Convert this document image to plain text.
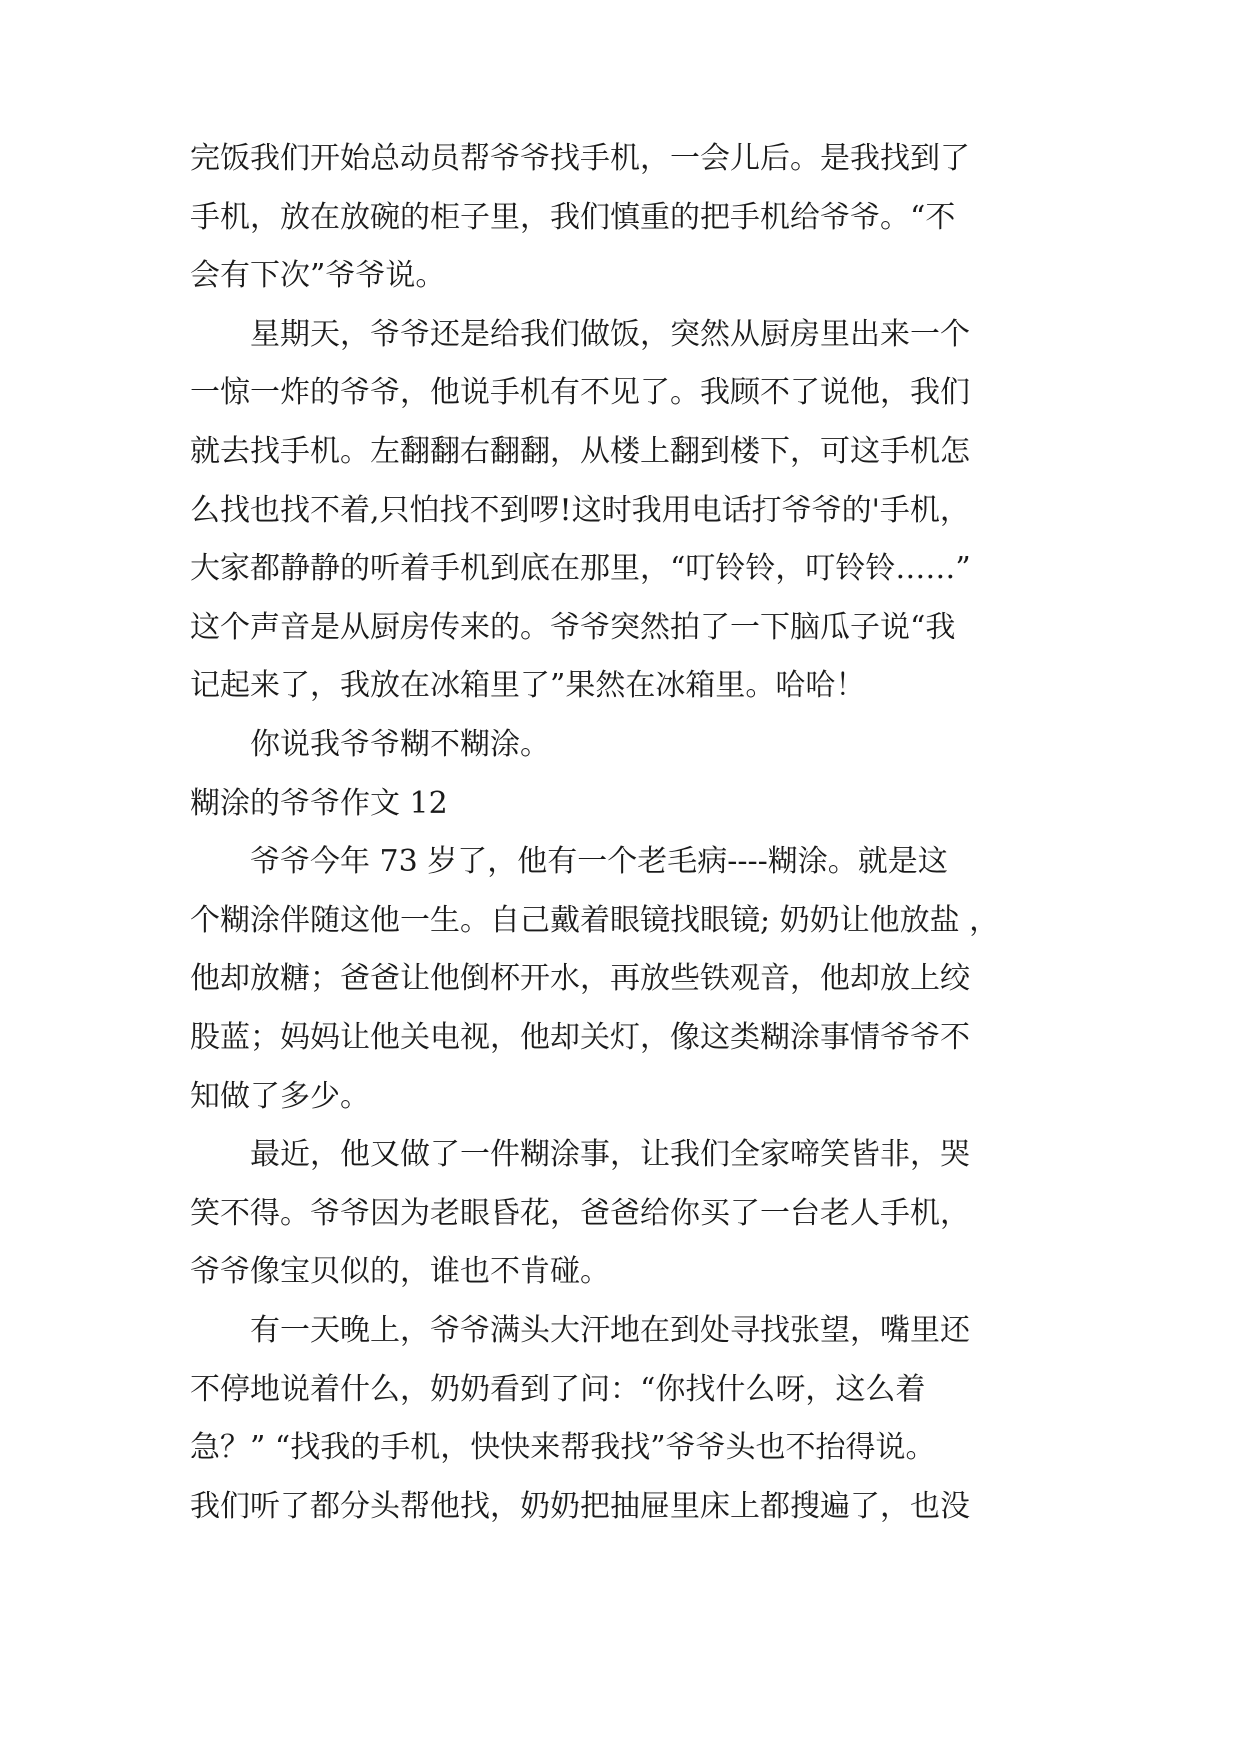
完饭我们开始总动员帮爷爷找手机，一会儿后。是我找到了
手机，放在放碗的柜子里，我们慎重的把手机给爷爷。“不
会有下次”爷爷说。
　　星期天，爷爷还是给我们做饭，突然从厨房里出来一个
一惊一炸的爷爷，他说手机有不见了。我顾不了说他，我们
就去找手机。左翻翻右翻翻，从楼上翻到楼下，可这手机怎
么找也找不着,只怕找不到啰!这时我用电话打爷爷的'手机，
大家都静静的听着手机到底在那里，“叮铃铃，叮铃铃……”
这个声音是从厨房传来的。爷爷突然拍了一下脑瓜子说“我
记起来了，我放在冰箱里了”果然在冰箱里。哈哈！
　　你说我爷爷糊不糊涂。
糊涂的爷爷作文 12
　　爷爷今年 73 岁了，他有一个老毛病----糊涂。就是这
个糊涂伴随这他一生。自己戴着眼镜找眼镜; 奶奶让他放盐 ，
他却放糖；爸爸让他倒杯开水，再放些铁观音，他却放上绞
股蓝；妈妈让他关电视，他却关灯，像这类糊涂事情爷爷不
知做了多少。
　　最近，他又做了一件糊涂事，让我们全家啼笑皆非，哭
笑不得。爷爷因为老眼昏花，爸爸给你买了一台老人手机，
爷爷像宝贝似的，谁也不肯碰。
　　有一天晚上，爷爷满头大汗地在到处寻找张望，嘴里还
不停地说着什么，奶奶看到了问：“你找什么呀，这么着
急？” “找我的手机，快快来帮我找”爷爷头也不抬得说。
我们听了都分头帮他找，奶奶把抽屉里床上都搜遍了，也没
